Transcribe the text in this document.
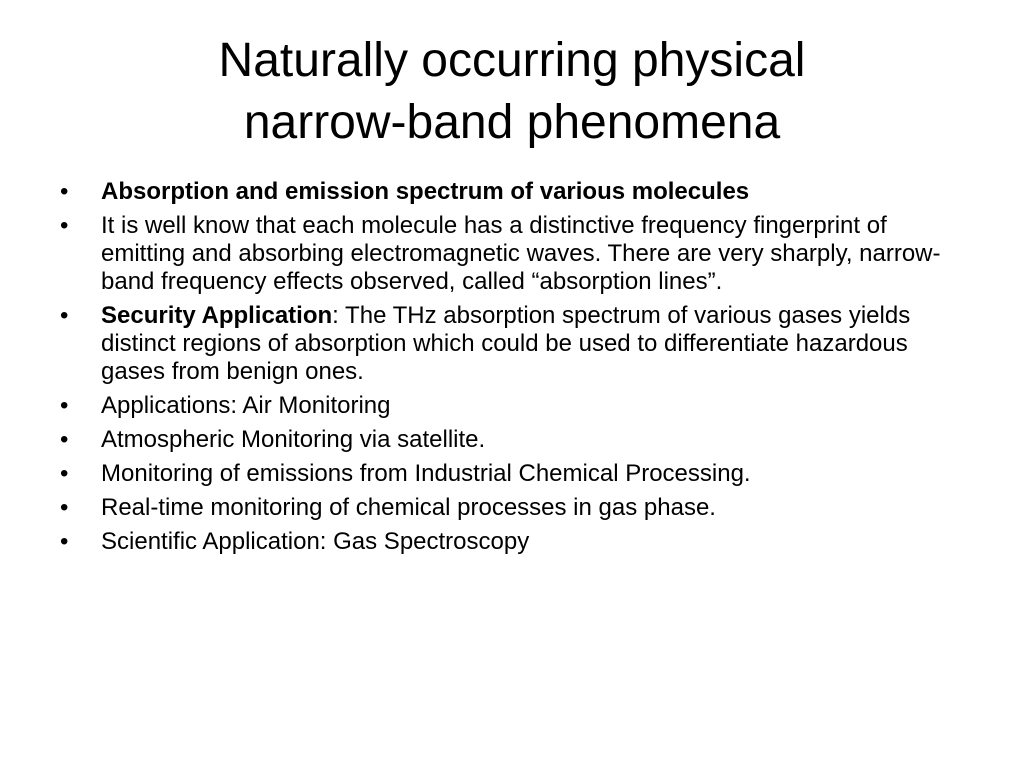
Naturally occurring physical
narrow-band phenomena
•	Absorption and emission spectrum of various molecules
•	It is well know that each molecule has a distinctive frequency fingerprint of emitting and absorbing electromagnetic waves. There are very sharply, narrow-band frequency effects observed, called “absorption lines”.
•	Security Application: The THz absorption spectrum of various gases yields distinct regions of absorption which could be used to differentiate hazardous gases from benign ones.
•	Applications: Air Monitoring
•	Atmospheric Monitoring via satellite.
•	Monitoring of emissions from Industrial Chemical Processing.
•	Real-time monitoring of chemical processes in gas phase.
•	Scientific Application: Gas Spectroscopy
